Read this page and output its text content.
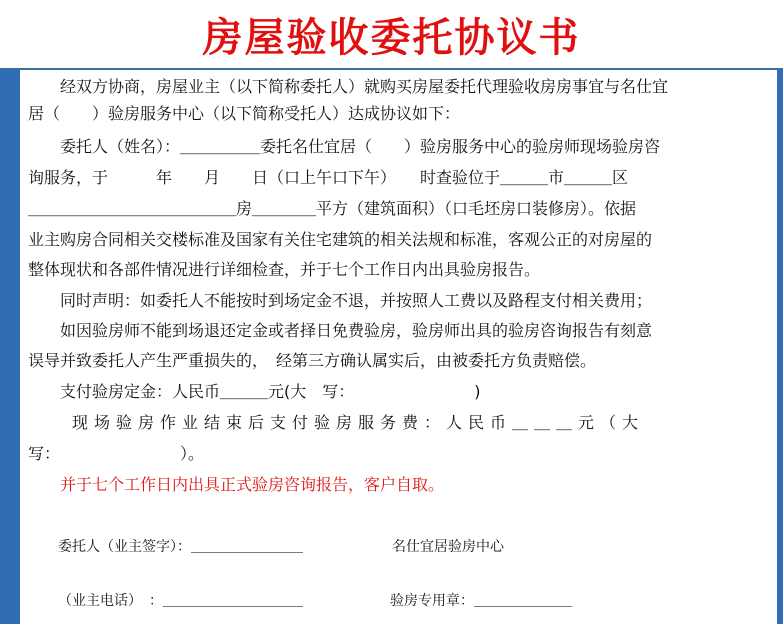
房屋验收委托协议书
　　经双方协商，房屋业主（以下简称委托人）就购买房屋委托代理验收房房事宜与名仕宜
居（　　）验房服务中心（以下简称受托人）达成协议如下：
　　委托人（姓名）：＿＿＿＿＿委托名仕宜居（　　）验房服务中心的验房师现场验房咨
询服务，于　　　年　　月　　日（口上午口下午）　　时查验位于＿＿＿市＿＿＿区
＿＿＿＿＿＿＿＿＿＿＿＿＿房＿＿＿＿平方（建筑面积）（口毛坯房口装修房）。依据
业主购房合同相关交楼标准及国家有关住宅建筑的相关法规和标准，客观公正的对房屋的
整体现状和各部件情况进行详细检查，并于七个工作日内出具验房报告。
　　同时声明：如委托人不能按时到场定金不退，并按照人工费以及路程支付相关费用；
　　如因验房师不能到场退还定金或者择日免费验房，验房师出具的验房咨询报告有刻意
误导并致委托人产生严重损失的，　经第三方确认属实后，由被委托方负责赔偿。
　　支付验房定金：人民币＿＿＿元(大　写：　　　　　　　　)
　　现场验房作业结束后支付验房服务费：人民币＿＿＿元（大
写：　　　　　　　　）。
　　并于七个工作日内出具正式验房咨询报告，客户自取。
委托人（业主签字）：＿＿＿＿＿＿＿＿	名仕宜居验房中心
（业主电话）　：＿＿＿＿＿＿＿＿＿＿	验房专用章：＿＿＿＿＿＿＿
